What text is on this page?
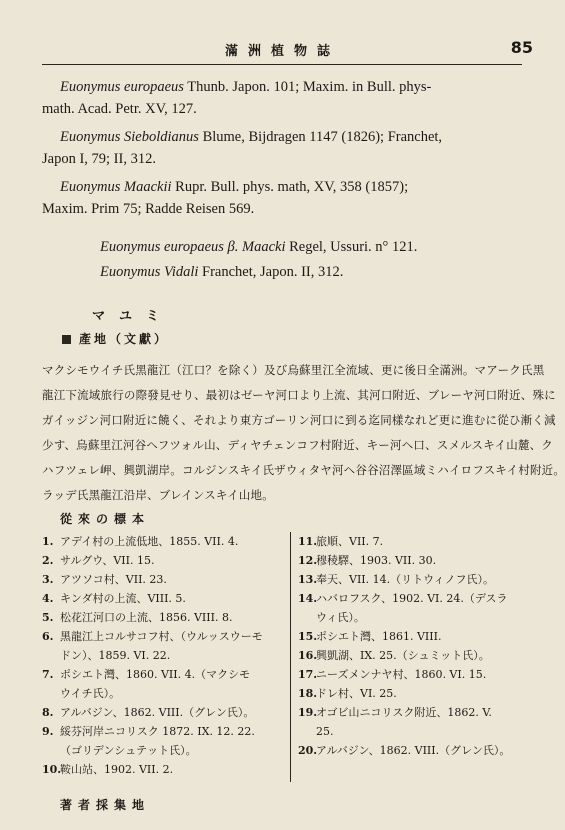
滿洲植物誌	85
Euonymus europaeus Thunb. Japon. 101; Maxim. in Bull. phys-
math. Acad. Petr. XV, 127.
Euonymus Sieboldianus Blume, Bijdragen 1147 (1826); Franchet,
Japon I, 79; II, 312.
Euonymus Maackii Rupr. Bull. phys. math, XV, 358 (1857);
Maxim. Prim 75; Radde Reisen 569.
Euonymus europaeus β. Maacki Regel, Ussuri. n° 121.
Euonymus Vidali Franchet, Japon. II, 312.
マユミ
產地（文獻）
マクシモウイチ氏黑龍江（江口？を除く）及び烏蘇里江全流域、更に後日全滿洲。マアーク氏黑
龍江下流域旅行の際發見せり、最初はゼーヤ河口より上流、其河口附近、ブレーヤ河口附近、殊に
ガイッジン河口附近に饒く、それより東方ゴーリン河口に到る迄同樣なれど更に進むに從ひ漸く減
少す、烏蘇里江河谷ヘフツォル山、ディヤチェンコフ村附近、キー河ヘ口、スメルスキイ山麓、ク
ハフツェレ岬、興凱湖岸。コルジンスキイ氏ザウィタヤ河ヘ谷谷沼澤區域ミハイロフスキイ村附近。
ラッデ氏黑龍江沿岸、ブレインスキイ山地。
從來の標本
1. アデイ村の上流低地、1855. VII. 4.
2. サルグウ、VII. 15.
3. アツソコ村、VII. 23.
4. キンダ村の上流、VIII. 5.
5. 松花江河口の上流、1856. VIII. 8.
6. 黑龍江上コルサコフ村、（ウルッスウーモ
ドン）、1859. VI. 22.
7. ポシエト灣、1860. VII. 4.（マクシモ
ウイチ氏）。
8. アルバジン、1862. VIII.（グレン氏）。
9. 綏芬河岸ニコリスク 1872. IX. 12. 22.
（ゴリデンシュテット氏）。
10.鞍山站、1902. VII. 2.
11.旅順、VII. 7.
12.穆稜驛、1903. VII. 30.
13.奉天、VII. 14.（リトウィノフ氏）。
14.ハバロフスク、1902. VI. 24.（デスラ
ウィ氏）。
15.ポシエト灣、1861. VIII.
16.興凱湖、IX. 25.（シュミット氏）。
17.ニーズメンナヤ村、1860. VI. 15.
18.ドレ村、VI. 25.
19.オゴビ山ニコリスク附近、1862. V.
25.
20.アルバジン、1862. VIII.（グレン氏）。
著者採集地
